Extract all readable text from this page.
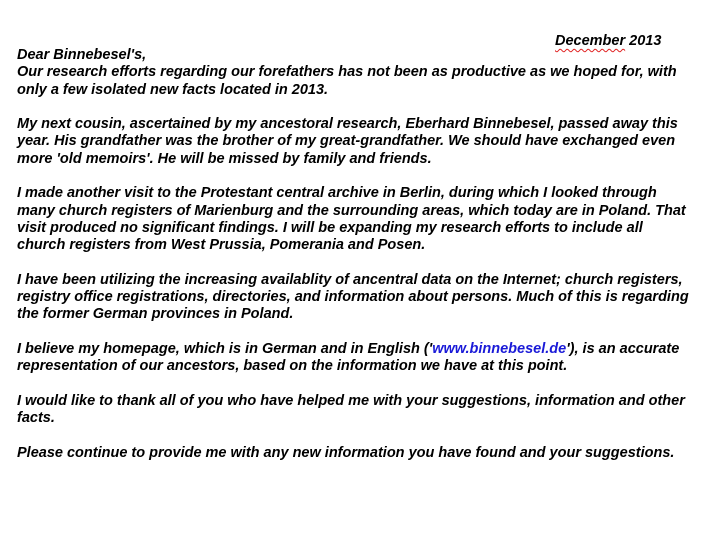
December 2013

Dear Binnebesel's,
Our research efforts regarding our forefathers has not been as productive as we hoped for, with
only a few isolated new facts located in 2013.

My next cousin, ascertained by my ancestoral research, Eberhard Binnebesel, passed away this
year. His grandfather was the brother of my great-grandfather. We should have exchanged even
more 'old memoirs'. He will be missed by family and friends.

I made another visit to the Protestant central archive in Berlin, during which I looked through
many church registers of Marienburg and the surrounding areas, which today are in Poland. That
visit produced no significant findings. I will be expanding my research efforts to include all
church registers from West Prussia, Pomerania and Posen.

I have been utilizing the increasing availablity of ancentral data on the Internet; church registers,
registry office registrations, directories, and information about persons. Much of this is regarding
the former German provinces in Poland.

I believe my homepage, which is in German and in English ('www.binnebesel.de'), is an accurate
representation of our ancestors, based on the information we have at this point.

I would like to thank all of you who have helped me with your suggestions, information and other
facts.

Please continue to provide me with any new information you have found and your suggestions.
